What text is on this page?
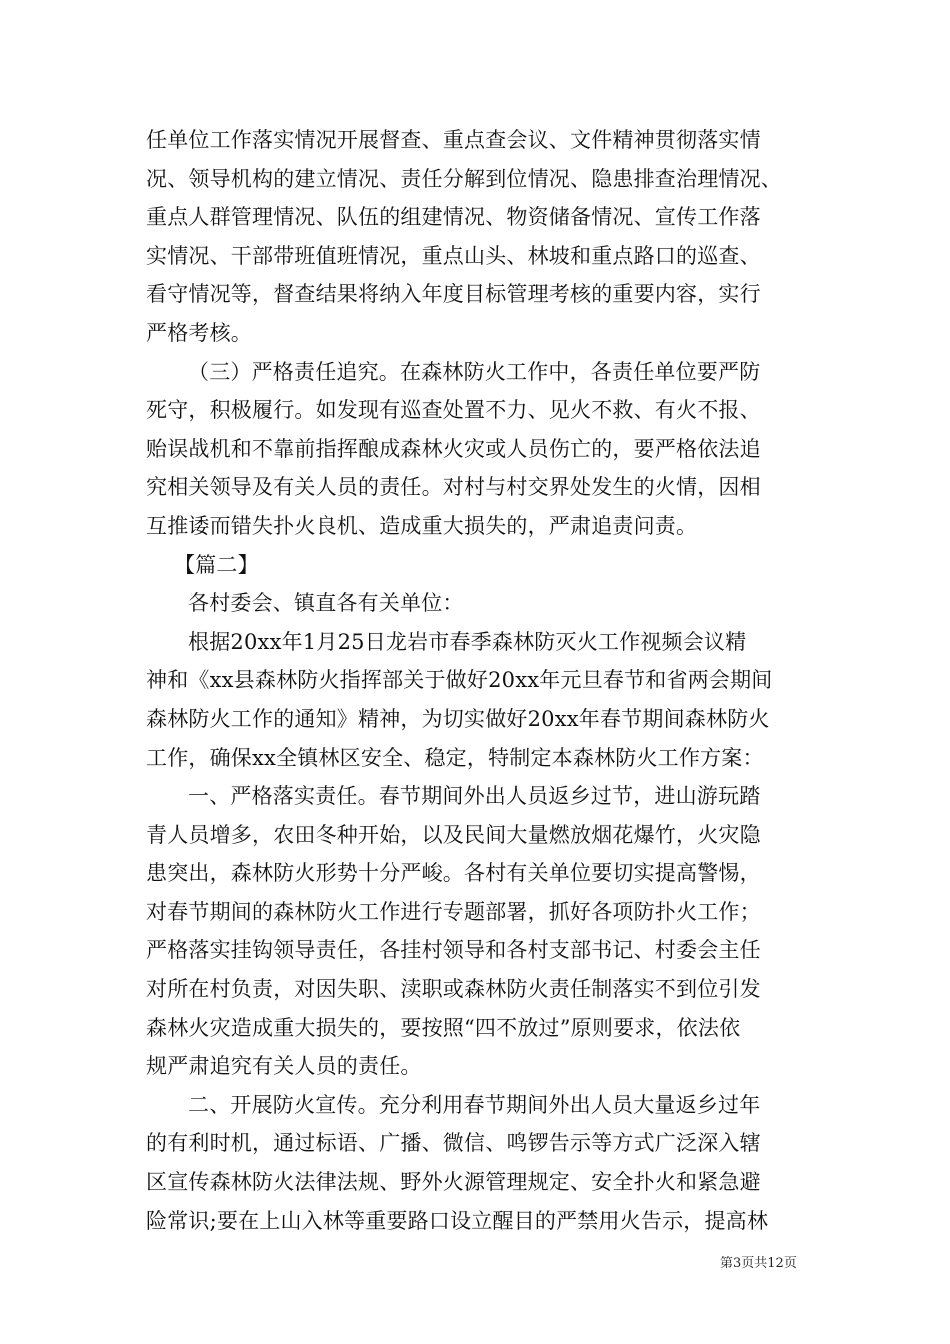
任单位工作落实情况开展督查、重点查会议、文件精神贯彻落实情
况、领导机构的建立情况、责任分解到位情况、隐患排查治理情况、
重点人群管理情况、队伍的组建情况、物资储备情况、宣传工作落
实情况、干部带班值班情况，重点山头、林坡和重点路口的巡查、
看守情况等，督查结果将纳入年度目标管理考核的重要内容，实行
严格考核。
（三）严格责任追究。在森林防火工作中，各责任单位要严防
死守，积极履行。如发现有巡查处置不力、见火不救、有火不报、
贻误战机和不靠前指挥酿成森林火灾或人员伤亡的，要严格依法追
究相关领导及有关人员的责任。对村与村交界处发生的火情，因相
互推诿而错失扑火良机、造成重大损失的，严肃追责问责。
【篇二】
各村委会、镇直各有关单位：
根据20xx年1月25日龙岩市春季森林防灭火工作视频会议精
神和《xx县森林防火指挥部关于做好20xx年元旦春节和省两会期间
森林防火工作的通知》精神，为切实做好20xx年春节期间森林防火
工作，确保xx全镇林区安全、稳定，特制定本森林防火工作方案：
一、严格落实责任。春节期间外出人员返乡过节，进山游玩踏
青人员增多，农田冬种开始，以及民间大量燃放烟花爆竹，火灾隐
患突出，森林防火形势十分严峻。各村有关单位要切实提高警惕，
对春节期间的森林防火工作进行专题部署，抓好各项防扑火工作；
严格落实挂钩领导责任，各挂村领导和各村支部书记、村委会主任
对所在村负责，对因失职、渎职或森林防火责任制落实不到位引发
森林火灾造成重大损失的，要按照“四不放过”原则要求，依法依
规严肃追究有关人员的责任。
二、开展防火宣传。充分利用春节期间外出人员大量返乡过年
的有利时机，通过标语、广播、微信、鸣锣告示等方式广泛深入辖
区宣传森林防火法律法规、野外火源管理规定、安全扑火和紧急避
险常识;要在上山入林等重要路口设立醒目的严禁用火告示，提高林
第3页共12页
